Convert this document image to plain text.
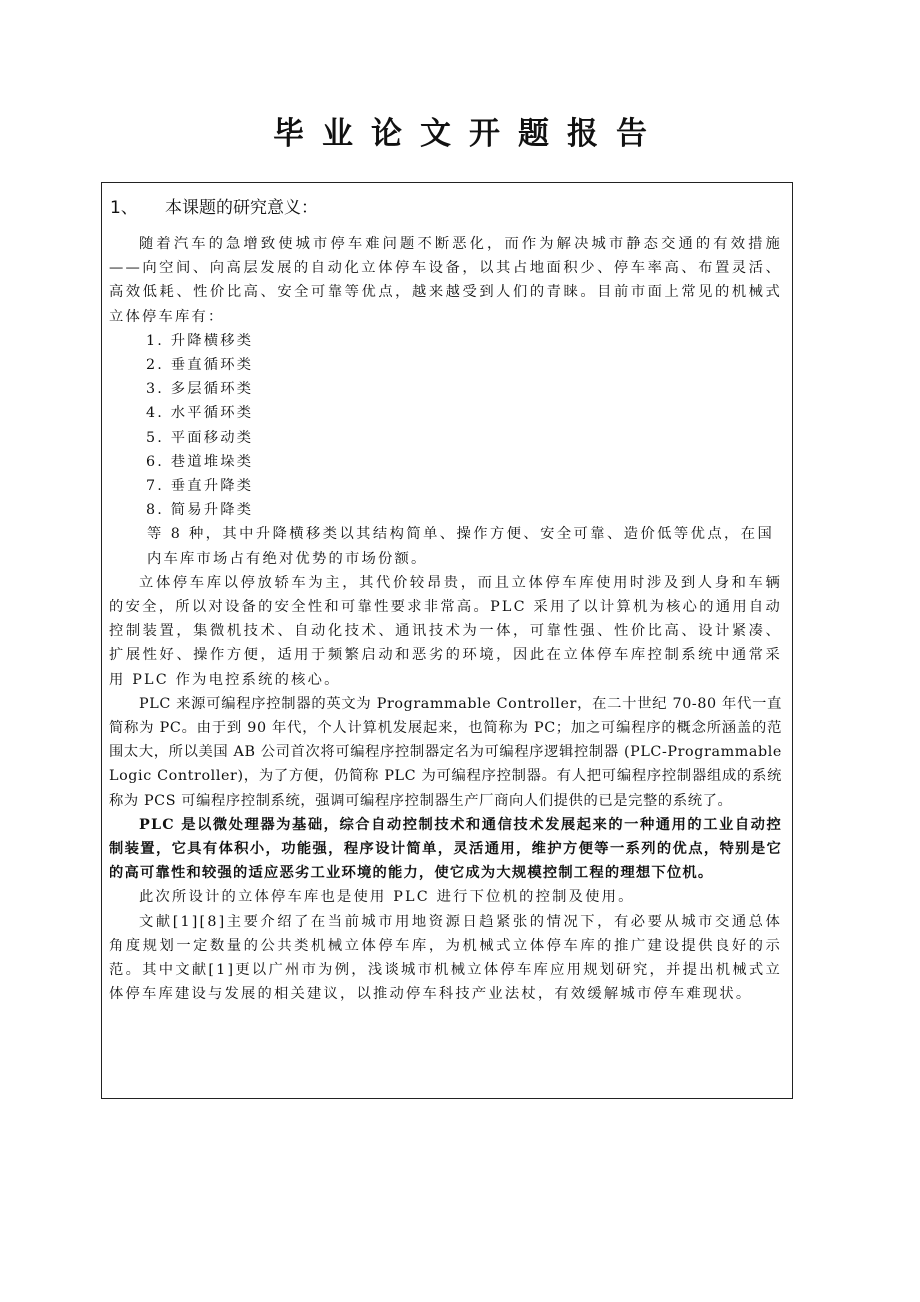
毕业论文开题报告
1、 本课题的研究意义：

随着汽车的急增致使城市停车难问题不断恶化，而作为解决城市静态交通的有效措施——向空间、向高层发展的自动化立体停车设备，以其占地面积少、停车率高、布置灵活、高效低耗、性价比高、安全可靠等优点，越来越受到人们的青睐。目前市面上常见的机械式立体停车库有：

1. 升降横移类

2. 垂直循环类

3. 多层循环类

4. 水平循环类

5. 平面移动类

6. 巷道堆垛类

7. 垂直升降类

8. 简易升降类

等 8 种，其中升降横移类以其结构简单、操作方便、安全可靠、造价低等优点，在国内车库市场占有绝对优势的市场份额。

立体停车库以停放轿车为主，其代价较昂贵，而且立体停车库使用时涉及到人身和车辆的安全，所以对设备的安全性和可靠性要求非常高。PLC 采用了以计算机为核心的通用自动控制装置，集微机技术、自动化技术、通讯技术为一体，可靠性强、性价比高、设计紧凑、扩展性好、操作方便，适用于频繁启动和恶劣的环境，因此在立体停车库控制系统中通常采用 PLC 作为电控系统的核心。

PLC 来源可编程序控制器的英文为 Programmable Controller，在二十世纪 70-80 年代一直简称为 PC。由于到 90 年代，个人计算机发展起来，也简称为 PC；加之可编程序的概念所涵盖的范围太大，所以美国 AB 公司首次将可编程序控制器定名为可编程序逻辑控制器 (PLC-Programmable Logic Controller)，为了方便，仍简称 PLC 为可编程序控制器。有人把可编程序控制器组成的系统称为 PCS 可编程序控制系统，强调可编程序控制器生产厂商向人们提供的已是完整的系统了。

PLC 是以微处理器为基础，综合自动控制技术和通信技术发展起来的一种通用的工业自动控制装置，它具有体积小，功能强，程序设计简单，灵活通用，维护方便等一系列的优点，特别是它的高可靠性和较强的适应恶劣工业环境的能力，使它成为大规模控制工程的理想下位机。

此次所设计的立体停车库也是使用 PLC 进行下位机的控制及使用。

文献[1][8]主要介绍了在当前城市用地资源日趋紧张的情况下，有必要从城市交通总体角度规划一定数量的公共类机械立体停车库，为机械式立体停车库的推广建设提供良好的示范。其中文献[1]更以广州市为例，浅谈城市机械立体停车库应用规划研究，并提出机械式立体停车库建设与发展的相关建议，以推动停车科技产业法杖，有效缓解城市停车难现状。
